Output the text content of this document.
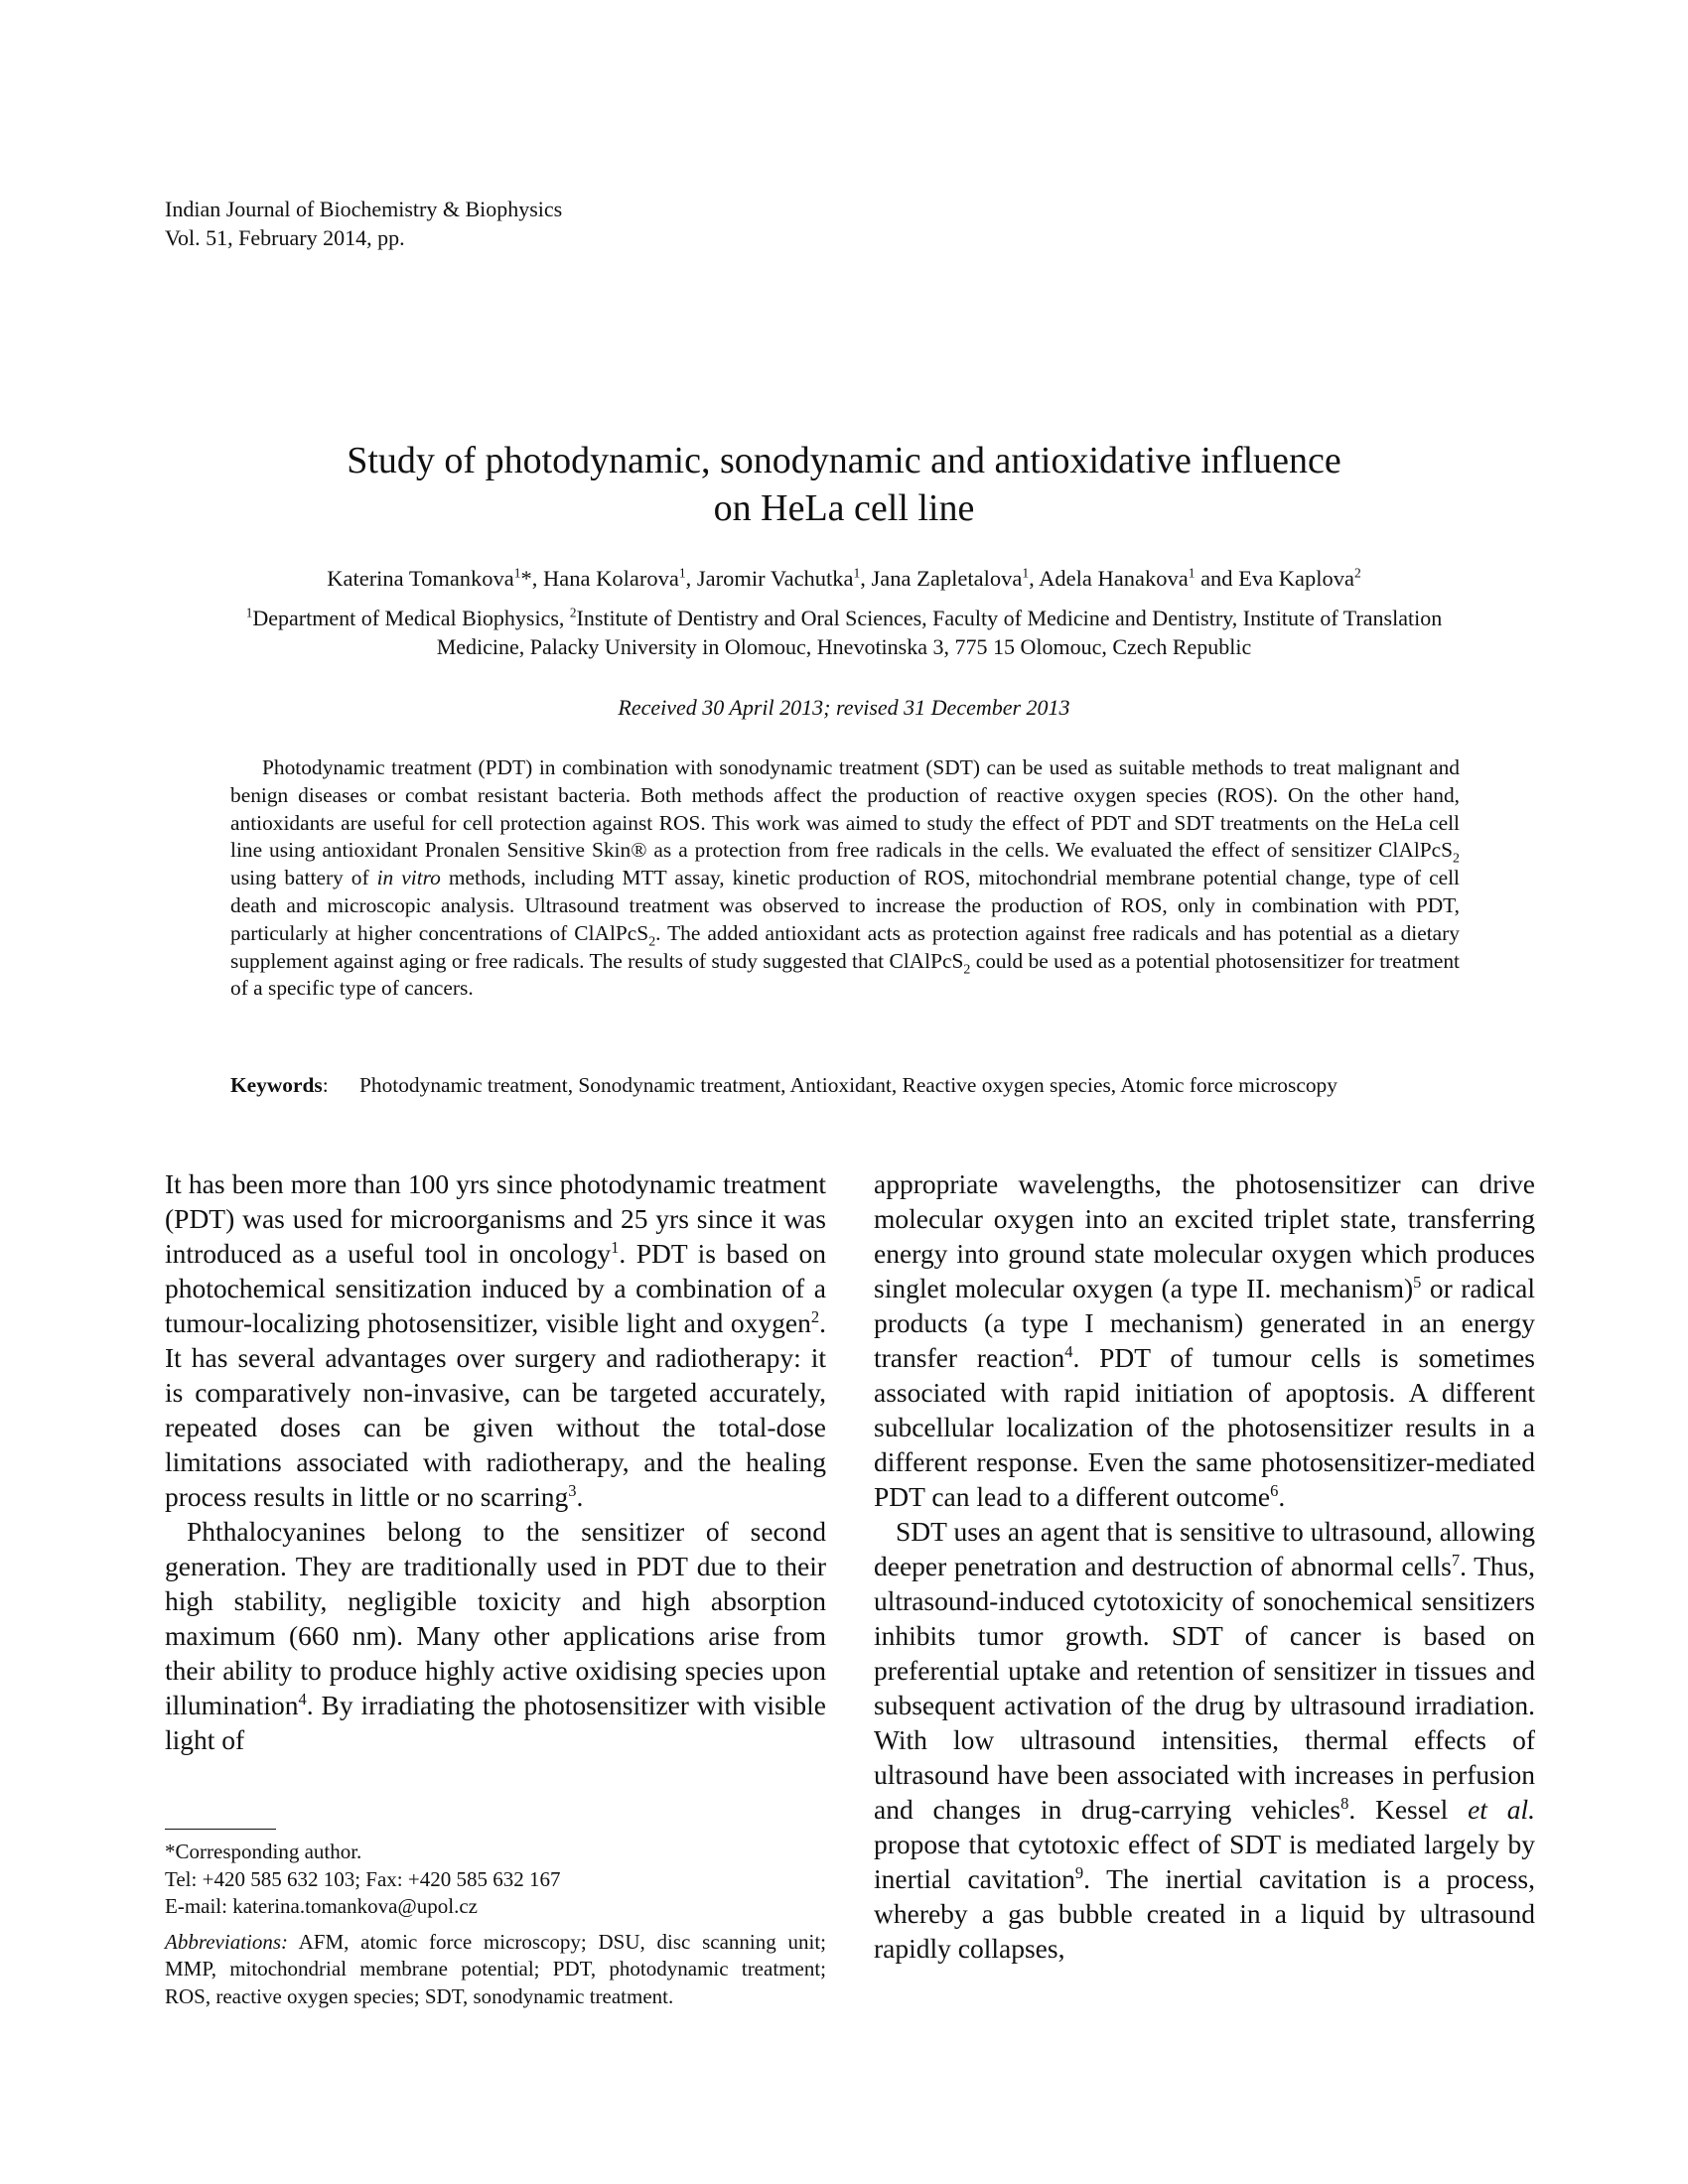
Indian Journal of Biochemistry & Biophysics
Vol. 51, February 2014, pp.
Study of photodynamic, sonodynamic and antioxidative influence
on HeLa cell line
Katerina Tomankova$^1$*, Hana Kolarova$^1$, Jaromir Vachutka$^1$, Jana Zapletalova$^1$, Adela Hanakova$^1$ and Eva Kaplova$^2$
$^1$Department of Medical Biophysics, $^2$Institute of Dentistry and Oral Sciences, Faculty of Medicine and Dentistry, Institute of Translation
Medicine, Palacky University in Olomouc, Hnevotinska 3, 775 15 Olomouc, Czech Republic
Received 30 April 2013; revised 31 December 2013

Photodynamic treatment (PDT) in combination with sonodynamic treatment (SDT) can be used as suitable methods to treat malignant and benign diseases or combat resistant bacteria. Both methods affect the production of reactive oxygen species (ROS). On the other hand, antioxidants are useful for cell protection against ROS. This work was aimed to study the effect of PDT and SDT treatments on the HeLa cell line using antioxidant Pronalen Sensitive Skin® as a protection from free radicals in the cells. We evaluated the effect of sensitizer ClAlPcS$_2$ using battery of in vitro methods, including MTT assay, kinetic production of ROS, mitochondrial membrane potential change, type of cell death and microscopic analysis. Ultrasound treatment was observed to increase the production of ROS, only in combination with PDT, particularly at higher concentrations of ClAlPcS$_2$. The added antioxidant acts as protection against free radicals and has potential as a dietary supplement against aging or free radicals. The results of study suggested that ClAlPcS$_2$ could be used as a potential photosensitizer for treatment of a specific type of cancers.

Keywords:	Photodynamic treatment, Sonodynamic treatment, Antioxidant, Reactive oxygen species, Atomic force microscopy

It has been more than 100 yrs since photodynamic treatment (PDT) was used for microorganisms and 25 yrs since it was introduced as a useful tool in oncology$^1$. PDT is based on photochemical sensitization induced by a combination of a tumour-localizing photosensitizer, visible light and oxygen$^2$. It has several advantages over surgery and radiotherapy: it is comparatively non-invasive, can be targeted accurately, repeated doses can be given without the total-dose limitations associated with radiotherapy, and the healing process results in little or no scarring$^3$.

Phthalocyanines belong to the sensitizer of second generation. They are traditionally used in PDT due to their high stability, negligible toxicity and high absorption maximum (660 nm). Many other applications arise from their ability to produce highly active oxidising species upon illumination$^4$. By irradiating the photosensitizer with visible light of

*Corresponding author.

Tel: +420 585 632 103; Fax: +420 585 632 167

E-mail: katerina.tomankova@upol.cz

Abbreviations: AFM, atomic force microscopy; DSU, disc scanning unit; MMP, mitochondrial membrane potential; PDT, photodynamic treatment; ROS, reactive oxygen species; SDT, sonodynamic treatment.

appropriate wavelengths, the photosensitizer can drive molecular oxygen into an excited triplet state, transferring energy into ground state molecular oxygen which produces singlet molecular oxygen (a type II. mechanism)$^5$ or radical products (a type I mechanism) generated in an energy transfer reaction$^4$. PDT of tumour cells is sometimes associated with rapid initiation of apoptosis. A different subcellular localization of the photosensitizer results in a different response. Even the same photosensitizer-mediated PDT can lead to a different outcome$^6$.

SDT uses an agent that is sensitive to ultrasound, allowing deeper penetration and destruction of abnormal cells$^7$. Thus, ultrasound-induced cytotoxicity of sonochemical sensitizers inhibits tumor growth. SDT of cancer is based on preferential uptake and retention of sensitizer in tissues and subsequent activation of the drug by ultrasound irradiation. With low ultrasound intensities, thermal effects of ultrasound have been associated with increases in perfusion and changes in drug-carrying vehicles$^8$. Kessel et al. propose that cytotoxic effect of SDT is mediated largely by inertial cavitation$^9$. The inertial cavitation is a process, whereby a gas bubble created in a liquid by ultrasound rapidly collapses,
